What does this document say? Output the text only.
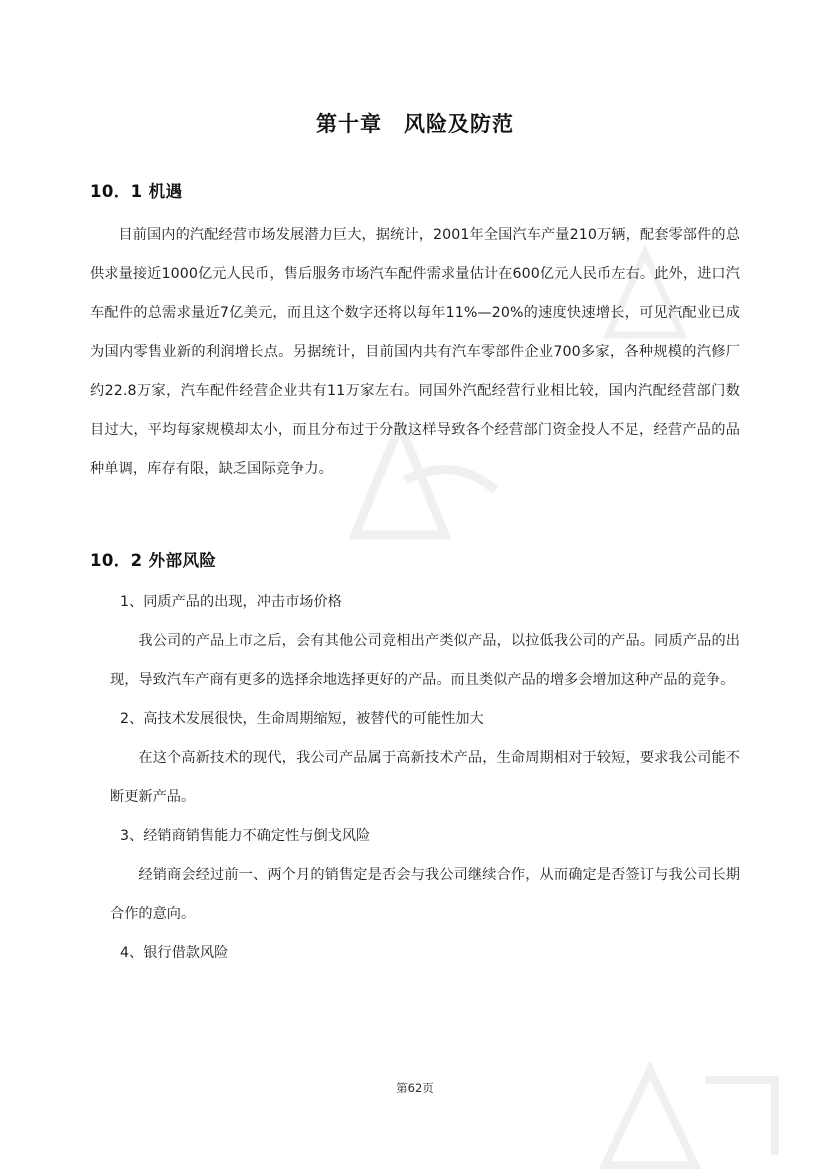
第十章　风险及防范
10．1 机遇

目前国内的汽配经营市场发展潜力巨大，据统计，2001年全国汽车产量210万辆，配套零部件的总供求量接近1000亿元人民币，售后服务市场汽车配件需求量估计在600亿元人民币左右。此外，进口汽车配件的总需求量近7亿美元，而且这个数字还将以每年11%—20%的速度快速增长，可见汽配业已成为国内零售业新的利润增长点。另据统计，目前国内共有汽车零部件企业700多家，各种规模的汽修厂约22.8万家，汽车配件经营企业共有11万家左右。同国外汽配经营行业相比较，国内汽配经营部门数目过大，平均每家规模却太小，而且分布过于分散这样导致各个经营部门资金投人不足，经营产品的品种单调，库存有限，缺乏国际竞争力。

10．2 外部风险

1、同质产品的出现，冲击市场价格

我公司的产品上市之后，会有其他公司竞相出产类似产品，以拉低我公司的产品。同质产品的出现，导致汽车产商有更多的选择余地选择更好的产品。而且类似产品的增多会增加这种产品的竞争。

2、高技术发展很快，生命周期缩短，被替代的可能性加大

在这个高新技术的现代，我公司产品属于高新技术产品，生命周期相对于较短，要求我公司能不断更新产品。

3、经销商销售能力不确定性与倒戈风险

经销商会经过前一、两个月的销售定是否会与我公司继续合作，从而确定是否签订与我公司长期合作的意向。

4、银行借款风险

第62页
